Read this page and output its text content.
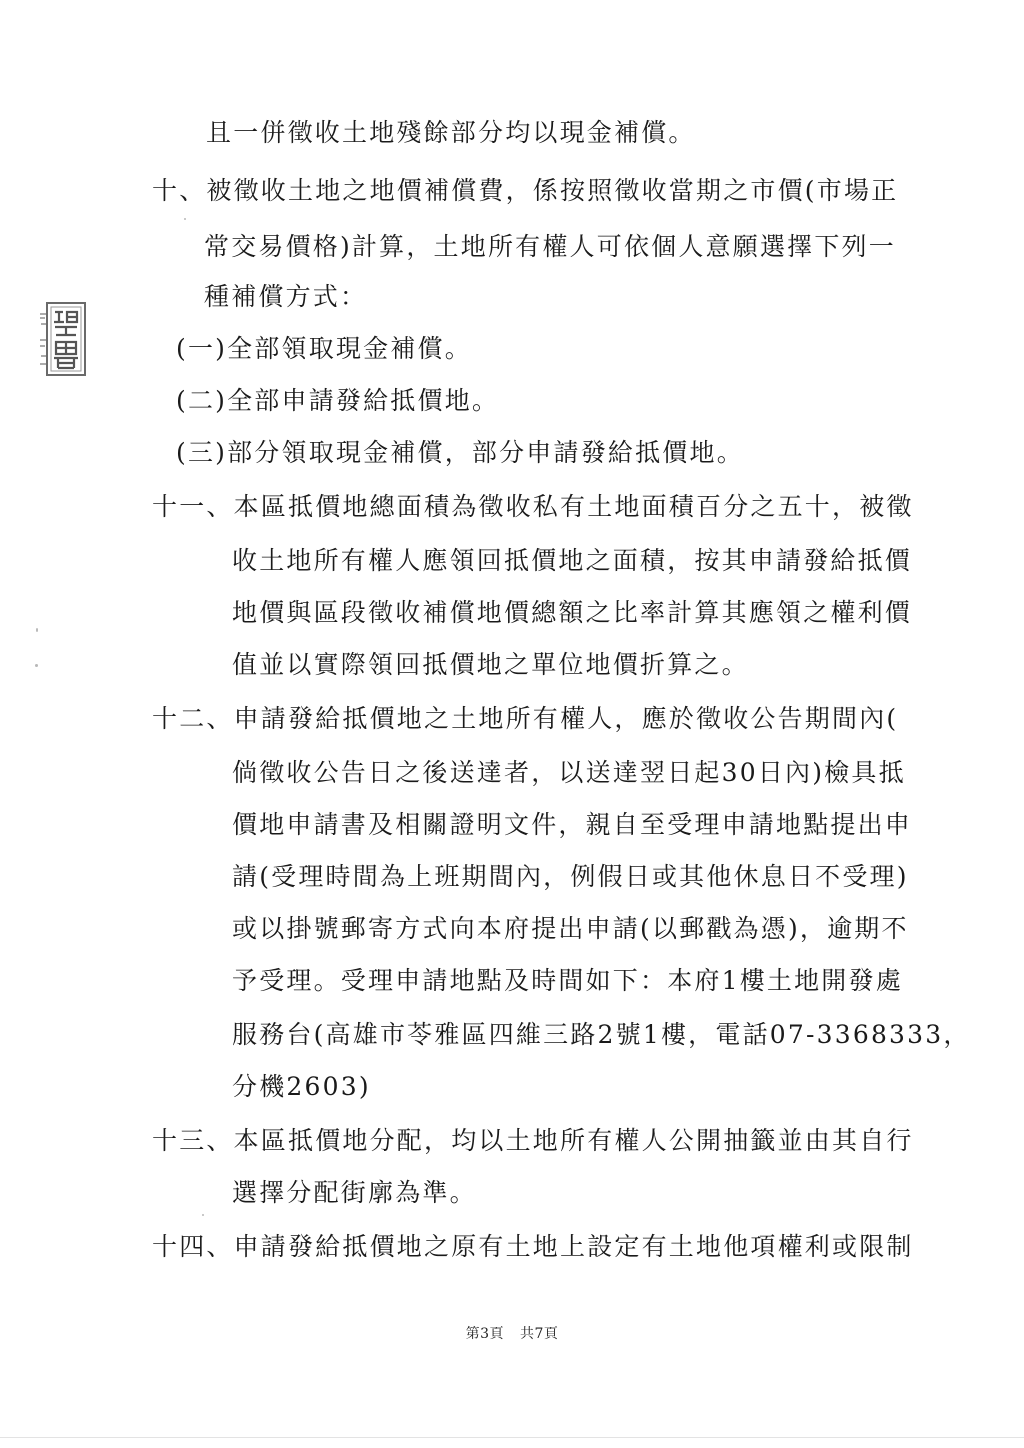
且一併徵收土地殘餘部分均以現金補償。
十、被徵收土地之地價補償費，係按照徵收當期之市價(市場正
常交易價格)計算，土地所有權人可依個人意願選擇下列一
種補償方式：
(一)全部領取現金補償。
(二)全部申請發給抵價地。
(三)部分領取現金補償，部分申請發給抵價地。
十一、本區抵價地總面積為徵收私有土地面積百分之五十，被徵
收土地所有權人應領回抵價地之面積，按其申請發給抵價
地價與區段徵收補償地價總額之比率計算其應領之權利價
值並以實際領回抵價地之單位地價折算之。
十二、申請發給抵價地之土地所有權人，應於徵收公告期間內(
倘徵收公告日之後送達者，以送達翌日起30日內)檢具抵
價地申請書及相關證明文件，親自至受理申請地點提出申
請(受理時間為上班期間內，例假日或其他休息日不受理)
或以掛號郵寄方式向本府提出申請(以郵戳為憑)，逾期不
予受理。受理申請地點及時間如下：本府1樓土地開發處
服務台(高雄市苓雅區四維三路2號1樓，電話07-3368333，
分機2603)
十三、本區抵價地分配，均以土地所有權人公開抽籤並由其自行
選擇分配街廓為準。
十四、申請發給抵價地之原有土地上設定有土地他項權利或限制
第3頁 共7頁
